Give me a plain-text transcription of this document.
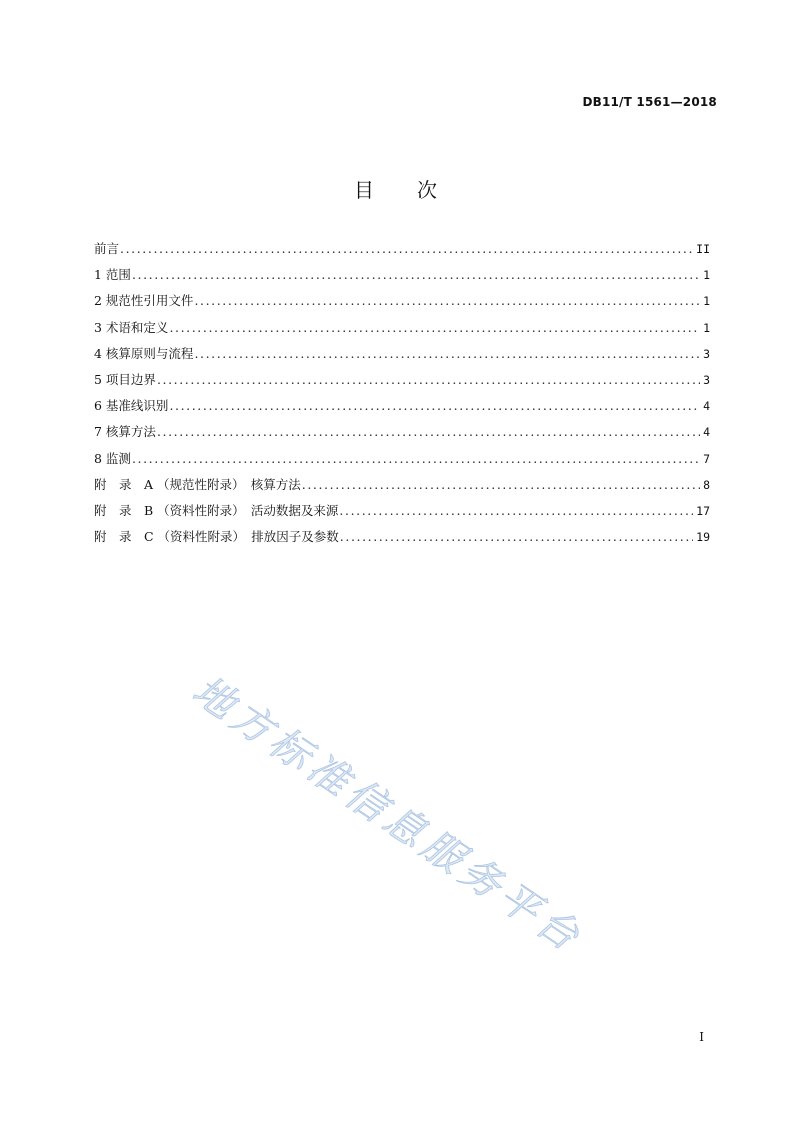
DB11/T 1561—2018
目　　次
前言 .....	II
1 范围 .....	1
2 规范性引用文件 .....	1
3 术语和定义 .....	1
4 核算原则与流程 .....	3
5 项目边界 .....	3
6 基准线识别 .....	4
7 核算方法 .....	4
8 监测 .....	7
附　录　A （规范性附录）　核算方法 .....	8
附　录　B （资料性附录）　活动数据及来源 .....	17
附　录　C （资料性附录）　排放因子及参数 .....	19
地方标准信息服务平台
I
